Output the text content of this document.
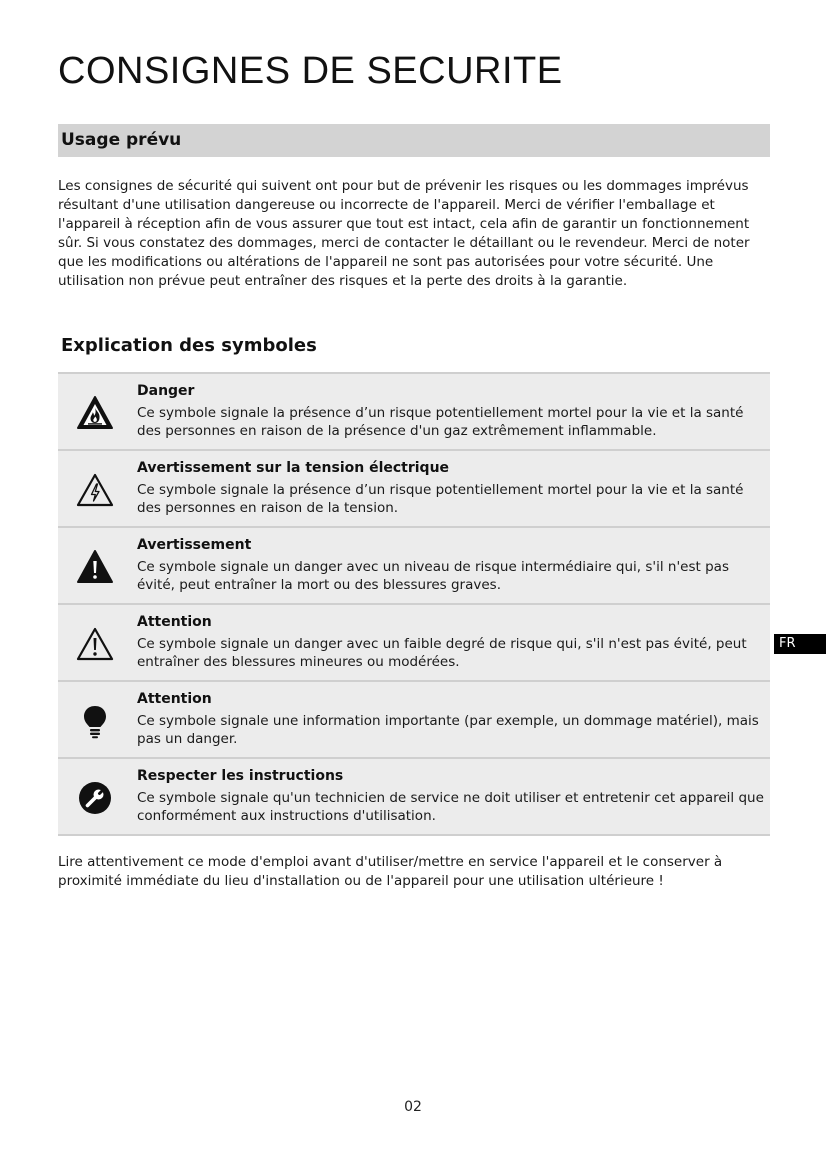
CONSIGNES DE SECURITE
Usage prévu

Les consignes de sécurité qui suivent ont pour but de prévenir les risques ou les dommages imprévus résultant d'une utilisation dangereuse ou incorrecte de l'appareil. Merci de vérifier l'emballage et l'appareil à réception afin de vous assurer que tout est intact, cela afin de garantir un fonctionnement sûr. Si vous constatez des dommages, merci de contacter le détaillant ou le revendeur. Merci de noter que les modifications ou altérations de l'appareil ne sont pas autorisées pour votre sécurité. Une utilisation non prévue peut entraîner des risques et la perte des droits à la garantie.

Explication des symboles
Danger

Ce symbole signale la présence d’un risque potentiellement mortel pour la vie et la santé des personnes en raison de la présence d'un gaz extrêmement inflammable.

Avertissement sur la tension électrique

Ce symbole signale la présence d’un risque potentiellement mortel pour la vie et la santé des personnes en raison de la tension.

Avertissement

Ce symbole signale un danger avec un niveau de risque intermédiaire qui, s'il n'est pas évité, peut entraîner la mort ou des blessures graves.

Attention

Ce symbole signale un danger avec un faible degré de risque qui, s'il n'est pas évité, peut entraîner des blessures mineures ou modérées.

Attention

Ce symbole signale une information importante (par exemple, un dommage matériel), mais pas un danger.

Respecter les instructions

Ce symbole signale qu'un technicien de service ne doit utiliser et entretenir cet appareil que conformément aux instructions d'utilisation.

FR

Lire attentivement ce mode d'emploi avant d'utiliser/mettre en service l'appareil et le conserver à proximité immédiate du lieu d'installation ou de l'appareil pour une utilisation ultérieure !

02
